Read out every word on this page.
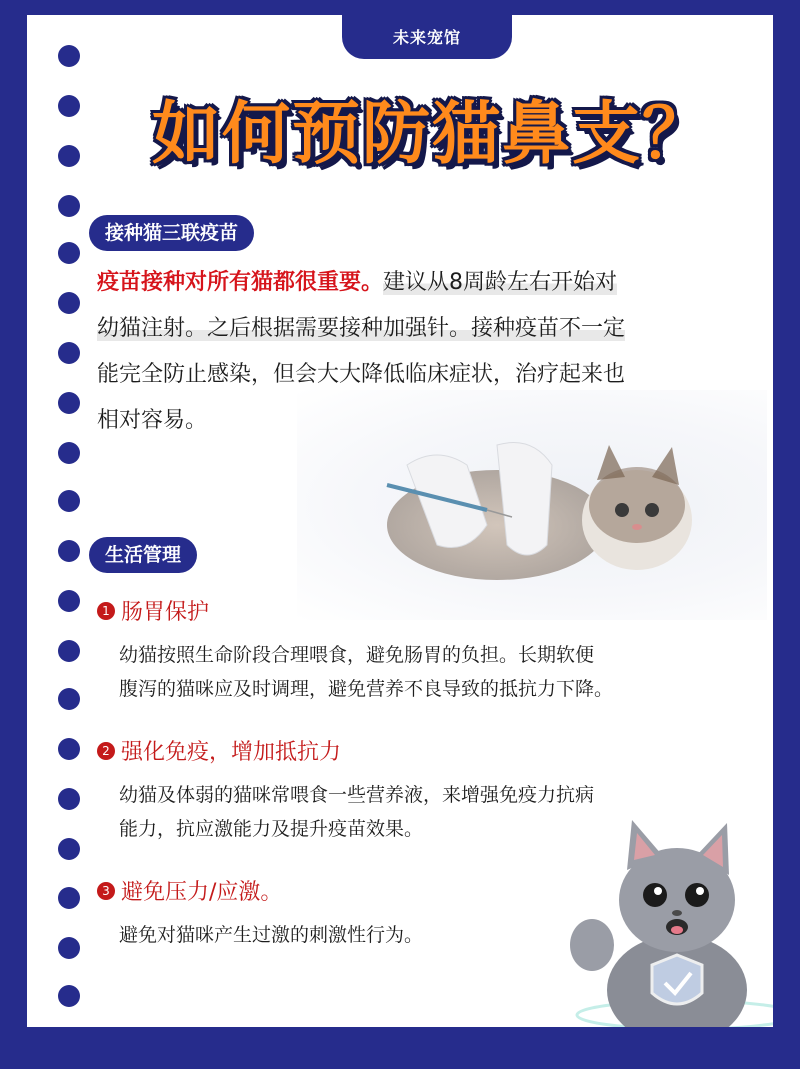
未来宠馆
如何预防猫鼻支？
接种猫三联疫苗
疫苗接种对所有猫都很重要。建议从8周龄左右开始对
幼猫注射。之后根据需要接种加强针。接种疫苗不一定
能完全防止感染，但会大大降低临床症状，治疗起来也
相对容易。
生活管理
1 肠胃保护
幼猫按照生命阶段合理喂食，避免肠胃的负担。长期软便
腹泻的猫咪应及时调理，避免营养不良导致的抵抗力下降。
2 强化免疫，增加抵抗力
幼猫及体弱的猫咪常喂食一些营养液，来增强免疫力抗病
能力，抗应激能力及提升疫苗效果。
3 避免压力/应激。
避免对猫咪产生过激的刺激性行为。
